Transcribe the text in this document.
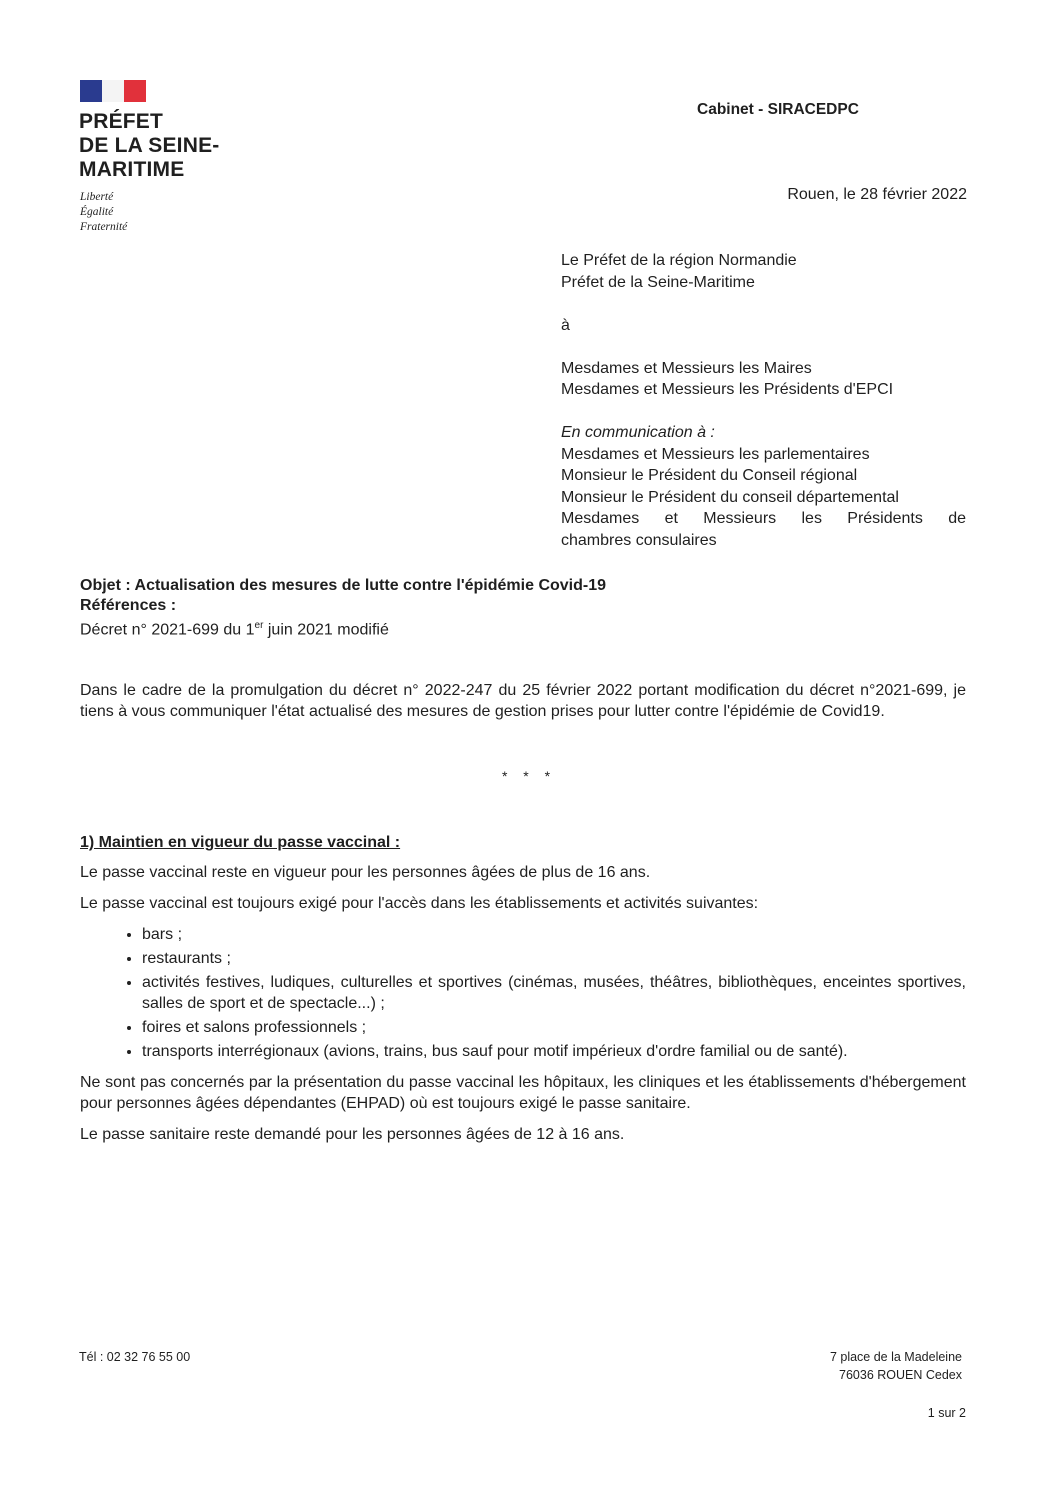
PRÉFET
DE LA SEINE-
MARITIME
Liberté
Égalité
Fraternité
Cabinet - SIRACEDPC
Rouen, le 28 février 2022
Le Préfet de la région Normandie
Préfet de la Seine-Maritime
à
Mesdames et Messieurs les Maires
Mesdames et Messieurs les Présidents d'EPCI
En communication à :
Mesdames et Messieurs les parlementaires
Monsieur le Président du Conseil régional
Monsieur le Président du conseil départemental
Mesdames et Messieurs les Présidents de
chambres consulaires
Objet : Actualisation des mesures de lutte contre l'épidémie Covid-19
Références :
Décret n° 2021-699 du 1er juin 2021 modifié
Dans le cadre de la promulgation du décret n° 2022-247 du 25 février 2022 portant modification du décret n°2021-699, je tiens à vous communiquer l'état actualisé des mesures de gestion prises pour lutter contre l'épidémie de Covid19.
* * *
1) Maintien en vigueur du passe vaccinal :

Le passe vaccinal reste en vigueur pour les personnes âgées de plus de 16 ans.

Le passe vaccinal est toujours exigé pour l'accès dans les établissements et activités suivantes:

• bars ;
• restaurants ;
• activités festives, ludiques, culturelles et sportives (cinémas, musées, théâtres, bibliothèques, enceintes sportives, salles de sport et de spectacle...) ;
• foires et salons professionnels ;
• transports interrégionaux (avions, trains, bus sauf pour motif impérieux d'ordre familial ou de santé).

Ne sont pas concernés par la présentation du passe vaccinal les hôpitaux, les cliniques et les établissements d'hébergement pour personnes âgées dépendantes (EHPAD) où est toujours exigé le passe sanitaire.

Le passe sanitaire reste demandé pour les personnes âgées de 12 à 16 ans.

Tél : 02 32 76 55 00	7 place de la Madeleine
76036 ROUEN Cedex
1 sur 2
